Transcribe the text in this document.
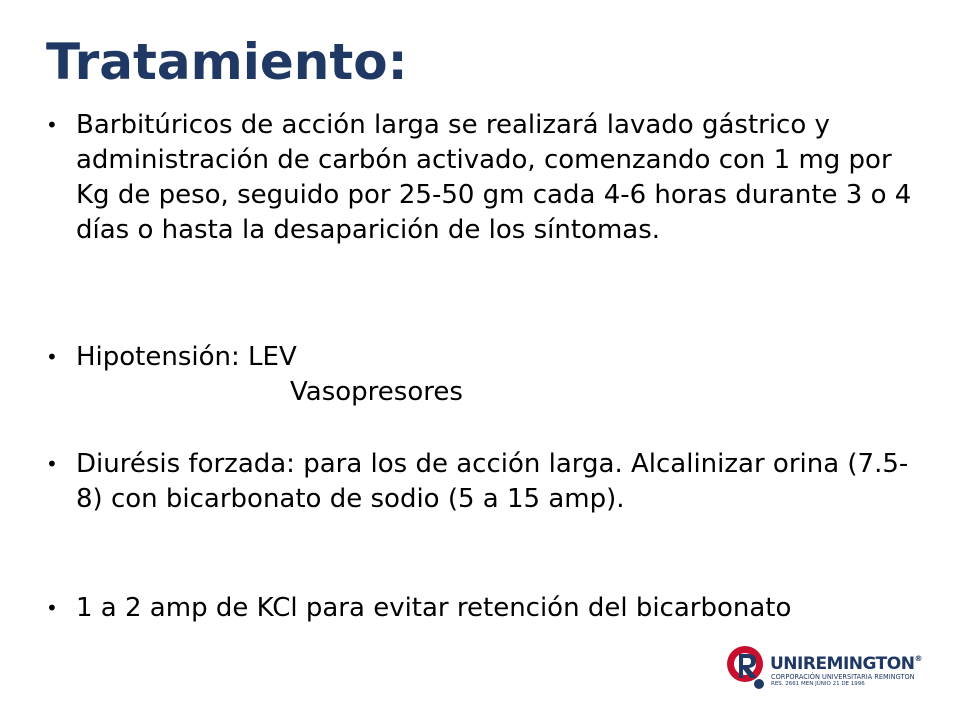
Tratamiento:

• Barbitúricos de acción larga se realizará lavado gástrico y administración de carbón activado, comenzando con 1 mg por Kg de peso, seguido por 25-50 gm cada 4-6 horas durante 3 o 4 días o hasta la desaparición de los síntomas.

• Hipotensión: LEV

Vasopresores

• Diurésis forzada: para los de acción larga. Alcalinizar orina (7.5-8) con bicarbonato de sodio (5 a 15 amp).

• 1 a 2 amp de KCl para evitar retención del bicarbonato

UNIREMINGTON®
CORPORACIÓN UNIVERSITARIA REMINGTON
RES. 2661 MEN JUNIO 21 DE 1996
